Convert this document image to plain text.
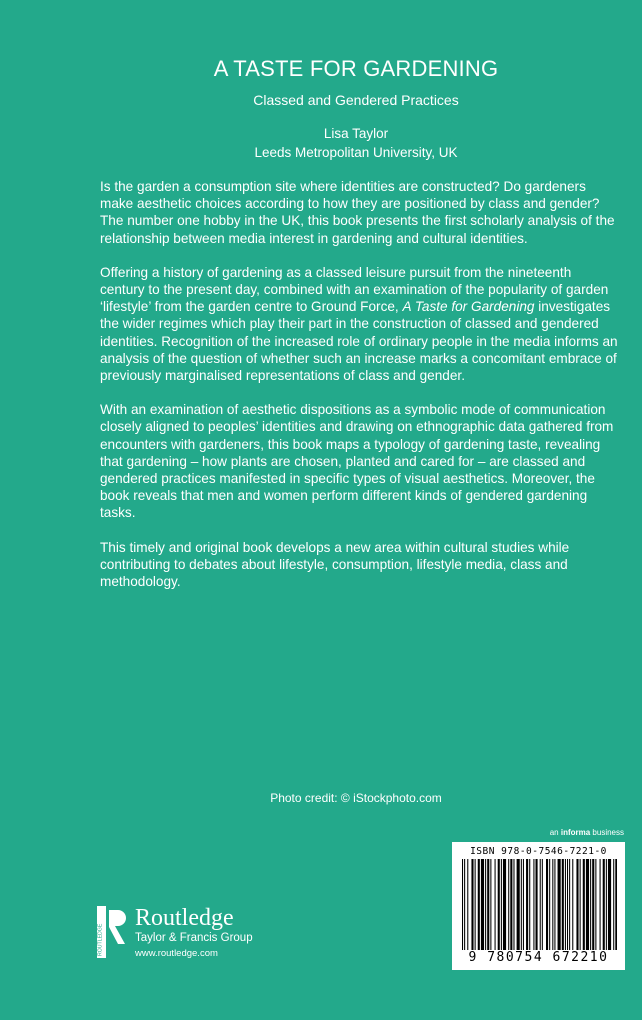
A TASTE FOR GARDENING
Classed and Gendered Practices
Lisa Taylor
Leeds Metropolitan University, UK

Is the garden a consumption site where identities are constructed? Do gardeners make aesthetic choices according to how they are positioned by class and gender? The number one hobby in the UK, this book presents the first scholarly analysis of the relationship between media interest in gardening and cultural identities.

Offering a history of gardening as a classed leisure pursuit from the nineteenth century to the present day, combined with an examination of the popularity of garden ‘lifestyle’ from the garden centre to Ground Force, A Taste for Gardening investigates the wider regimes which play their part in the construction of classed and gendered identities. Recognition of the increased role of ordinary people in the media informs an analysis of the question of whether such an increase marks a concomitant embrace of previously marginalised representations of class and gender.

With an examination of aesthetic dispositions as a symbolic mode of communication closely aligned to peoples’ identities and drawing on ethnographic data gathered from encounters with gardeners, this book maps a typology of gardening taste, revealing that gardening – how plants are chosen, planted and cared for – are classed and gendered practices manifested in specific types of visual aesthetics. Moreover, the book reveals that men and women perform different kinds of gendered gardening tasks.

This timely and original book develops a new area within cultural studies while contributing to debates about lifestyle, consumption, lifestyle media, class and methodology.

Photo credit: © iStockphoto.com
an informa business
ISBN 978-0-7546-7221-0
9 780754 672210
ROUTLEDGE
Routledge
Taylor & Francis Group
www.routledge.com
